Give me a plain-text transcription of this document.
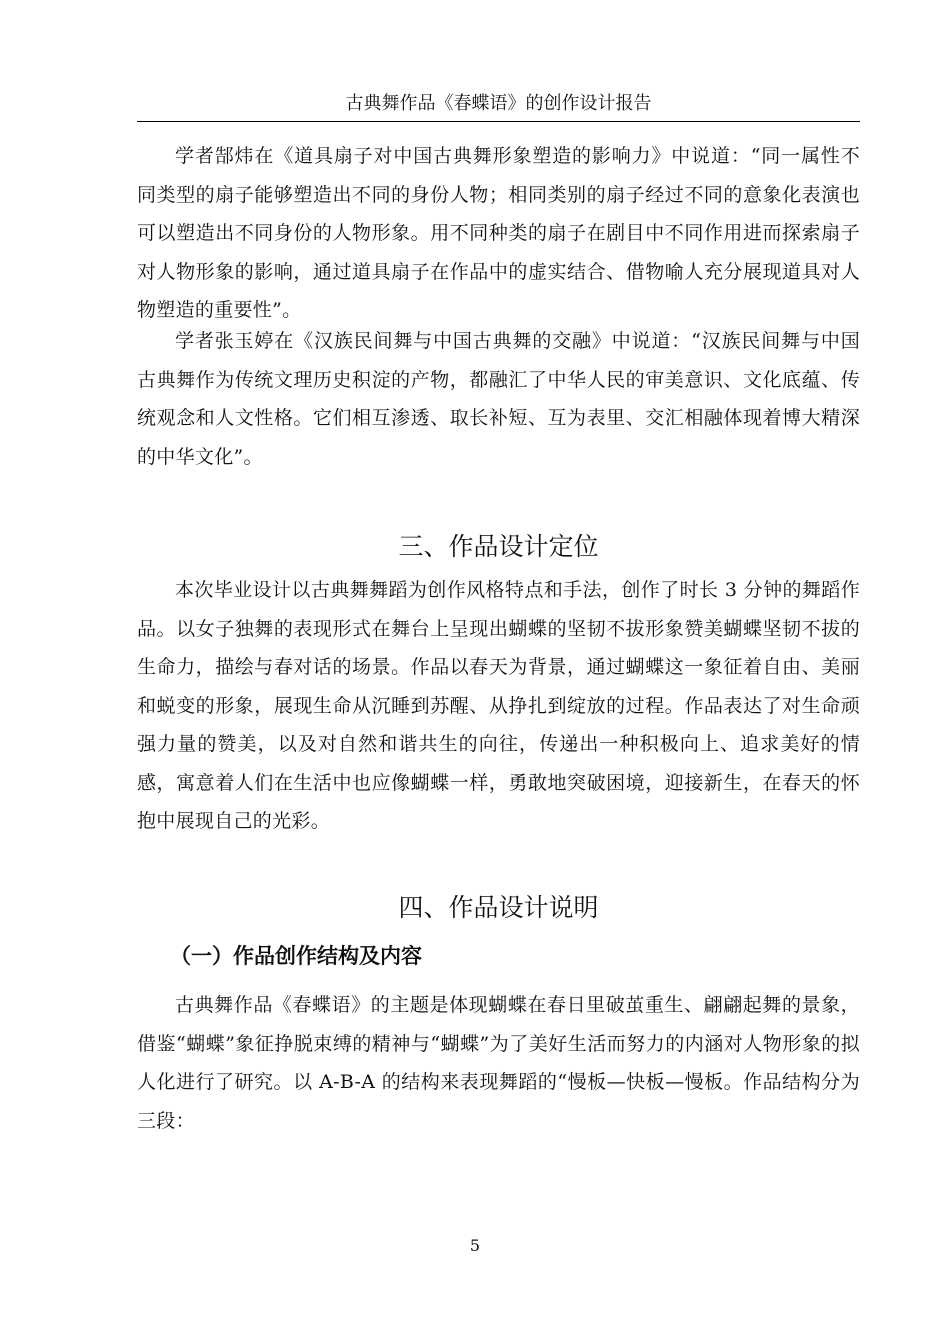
古典舞作品《春蝶语》的创作设计报告

学者郜炜在《道具扇子对中国古典舞形象塑造的影响力》中说道：“同一属性不同类型的扇子能够塑造出不同的身份人物；相同类别的扇子经过不同的意象化表演也可以塑造出不同身份的人物形象。用不同种类的扇子在剧目中不同作用进而探索扇子对人物形象的影响，通过道具扇子在作品中的虚实结合、借物喻人充分展现道具对人物塑造的重要性”。

学者张玉婷在《汉族民间舞与中国古典舞的交融》中说道：“汉族民间舞与中国古典舞作为传统文理历史积淀的产物，都融汇了中华人民的审美意识、文化底蕴、传统观念和人文性格。它们相互渗透、取长补短、互为表里、交汇相融体现着博大精深的中华文化”。

三、作品设计定位

本次毕业设计以古典舞舞蹈为创作风格特点和手法，创作了时长 3 分钟的舞蹈作品。以女子独舞的表现形式在舞台上呈现出蝴蝶的坚韧不拔形象赞美蝴蝶坚韧不拔的生命力，描绘与春对话的场景。作品以春天为背景，通过蝴蝶这一象征着自由、美丽和蜕变的形象，展现生命从沉睡到苏醒、从挣扎到绽放的过程。作品表达了对生命顽强力量的赞美，以及对自然和谐共生的向往，传递出一种积极向上、追求美好的情感，寓意着人们在生活中也应像蝴蝶一样，勇敢地突破困境，迎接新生，在春天的怀抱中展现自己的光彩。

四、作品设计说明
（一）作品创作结构及内容

古典舞作品《春蝶语》的主题是体现蝴蝶在春日里破茧重生、翩翩起舞的景象，借鉴“蝴蝶”象征挣脱束缚的精神与“蝴蝶”为了美好生活而努力的内涵对人物形象的拟人化进行了研究。以 A-B-A 的结构来表现舞蹈的“慢板—快板—慢板。作品结构分为三段：

5
